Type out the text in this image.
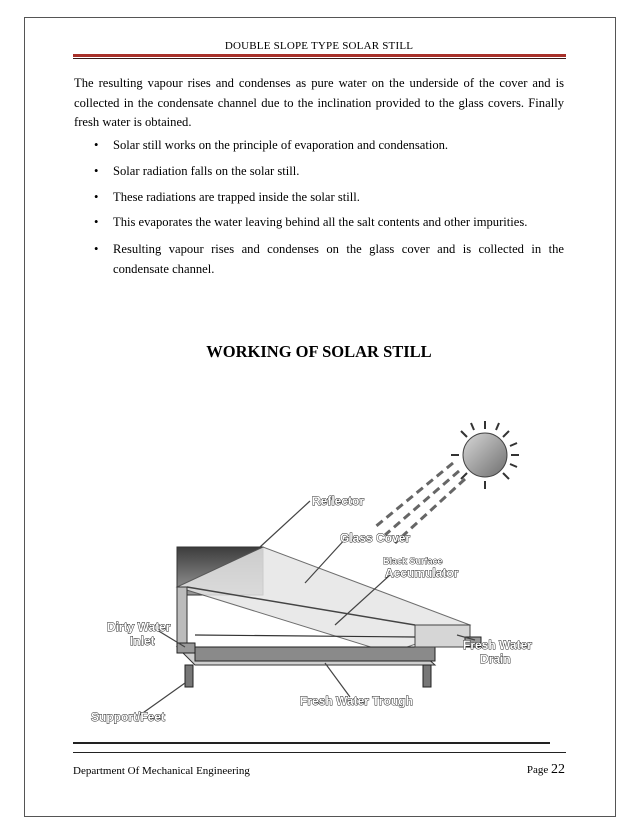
DOUBLE SLOPE TYPE SOLAR STILL
The resulting vapour rises and condenses as pure water on the underside of the cover and is collected in the condensate channel due to the inclination provided to the glass covers. Finally fresh water is obtained.
• Solar still works on the principle of evaporation and condensation.
• Solar radiation falls on the solar still.
• These radiations are trapped inside the solar still.
• This evaporates the water leaving behind all the salt contents and other impurities.
• Resulting vapour rises and condenses on the glass cover and is collected in the condensate channel.
WORKING OF SOLAR STILL
Reflector
Glass Cover
Black Surface
Accumulator
Dirty Water
Inlet	Fresh Water
Drain
Fresh Water Trough
Support/Feet
Department Of Mechanical Engineering	Page 22
